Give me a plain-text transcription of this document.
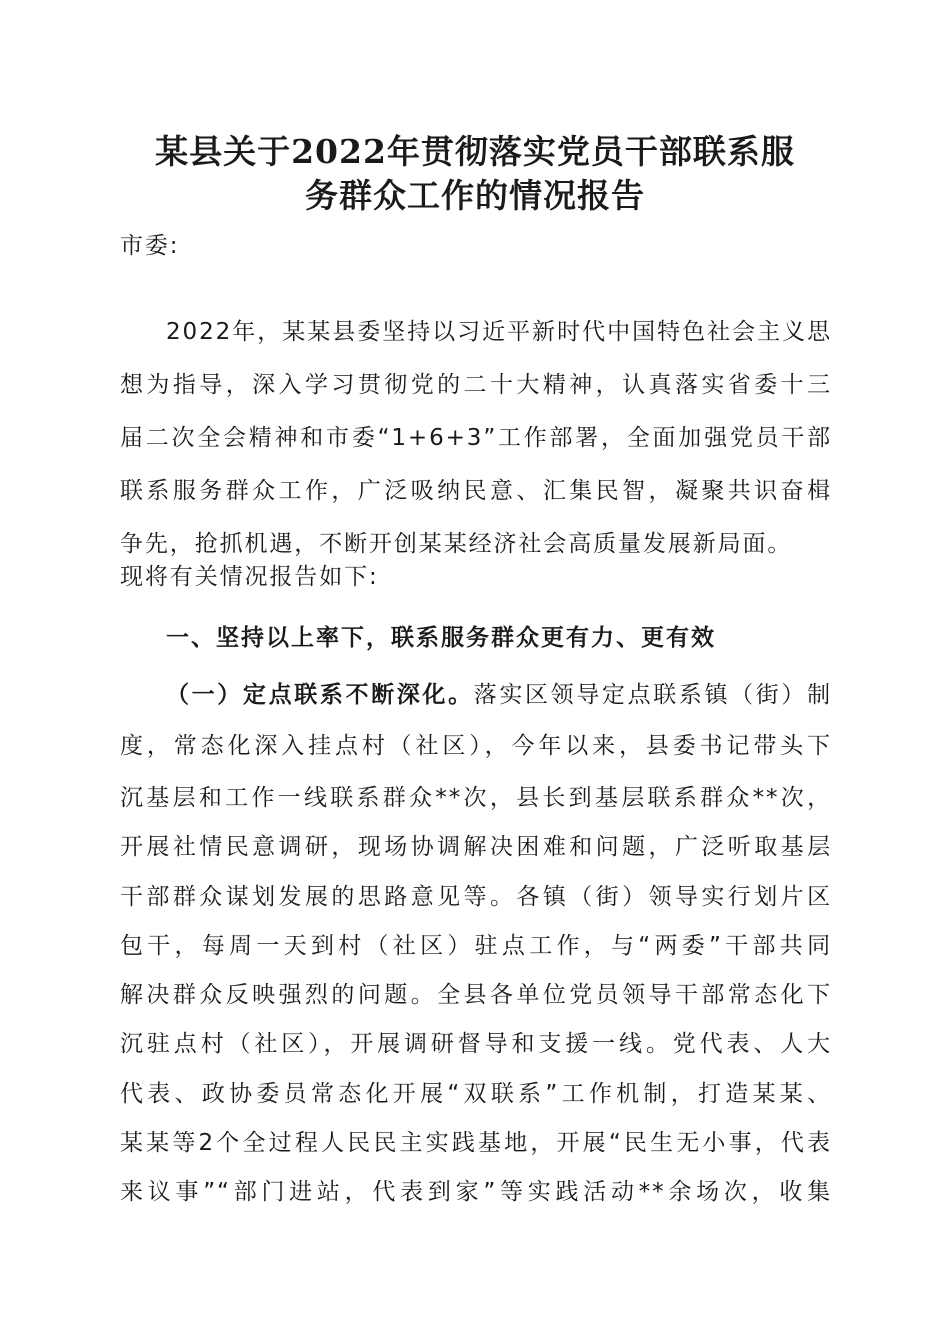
某县关于2022年贯彻落实党员干部联系服
务群众工作的情况报告
市委:
2022年，某某县委坚持以习近平新时代中国特色社会主义思
想为指导，深入学习贯彻党的二十大精神，认真落实省委十三
届二次全会精神和市委“1+6+3”工作部署，全面加强党员干部
联系服务群众工作，广泛吸纳民意、汇集民智，凝聚共识奋楫
争先，抢抓机遇，不断开创某某经济社会高质量发展新局面。
现将有关情况报告如下:
一、坚持以上率下，联系服务群众更有力、更有效
（一）定点联系不断深化。落实区领导定点联系镇（街）制
度，常态化深入挂点村（社区），今年以来，县委书记带头下
沉基层和工作一线联系群众**次，县长到基层联系群众**次，
开展社情民意调研，现场协调解决困难和问题，广泛听取基层
干部群众谋划发展的思路意见等。各镇（街）领导实行划片区
包干，每周一天到村（社区）驻点工作，与“两委”干部共同
解决群众反映强烈的问题。全县各单位党员领导干部常态化下
沉驻点村（社区），开展调研督导和支援一线。党代表、人大
代表、政协委员常态化开展“双联系”工作机制，打造某某、
某某等2个全过程人民民主实践基地，开展“民生无小事，代表
来议事”“部门进站，代表到家”等实践活动**余场次，收集
